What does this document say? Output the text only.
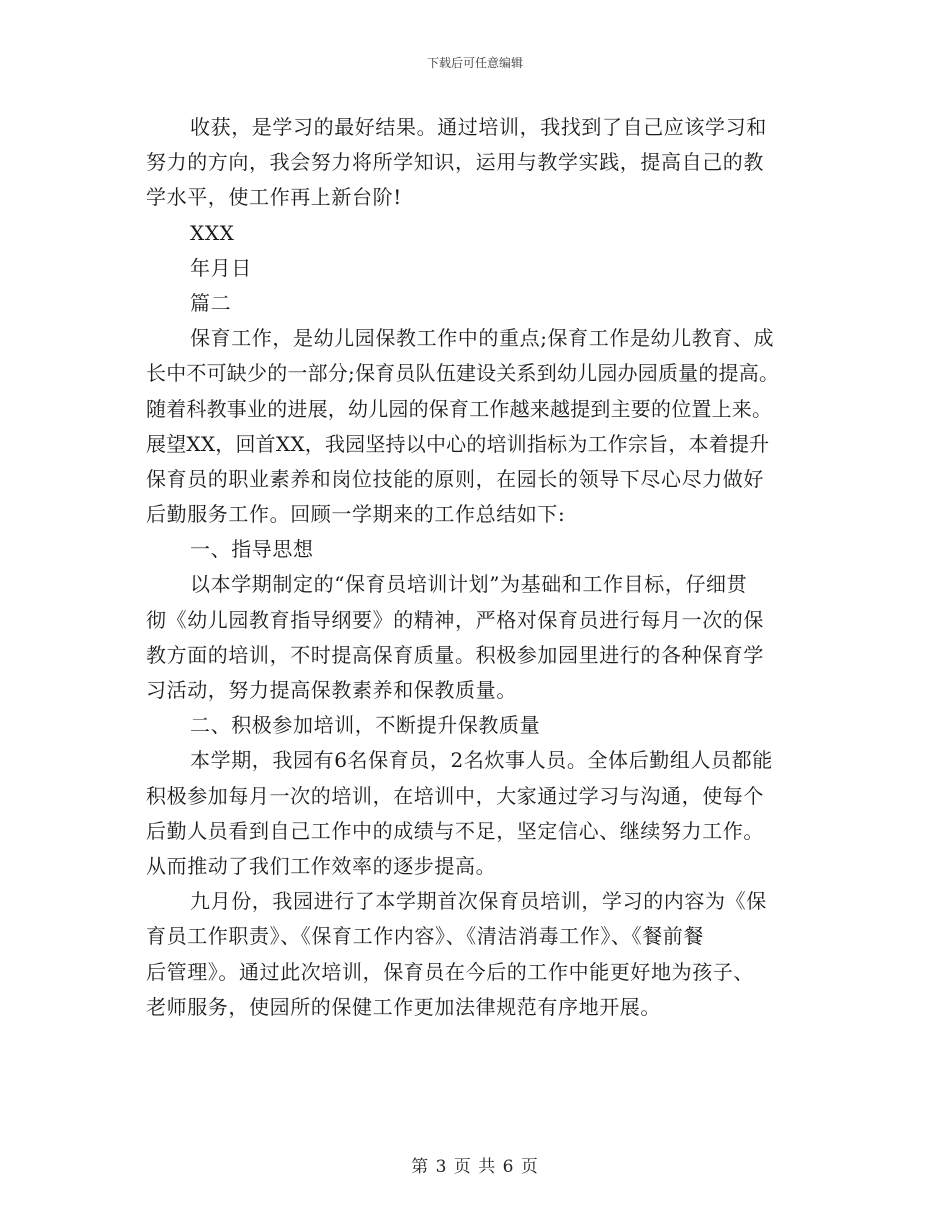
下载后可任意编辑
收获，是学习的最好结果。通过培训，我找到了自己应该学习和
努力的方向，我会努力将所学知识，运用与教学实践，提高自己的教
学水平，使工作再上新台阶!
XXX
年月日
篇二
保育工作，是幼儿园保教工作中的重点;保育工作是幼儿教育、成
长中不可缺少的一部分;保育员队伍建设关系到幼儿园办园质量的提高。
随着科教事业的进展，幼儿园的保育工作越来越提到主要的位置上来。
展望XX，回首XX，我园坚持以中心的培训指标为工作宗旨，本着提升
保育员的职业素养和岗位技能的原则，在园长的领导下尽心尽力做好
后勤服务工作。回顾一学期来的工作总结如下:
一、指导思想
以本学期制定的“保育员培训计划”为基础和工作目标，仔细贯
彻《幼儿园教育指导纲要》的精神，严格对保育员进行每月一次的保
教方面的培训，不时提高保育质量。积极参加园里进行的各种保育学
习活动，努力提高保教素养和保教质量。
二、积极参加培训，不断提升保教质量
本学期，我园有6名保育员，2名炊事人员。全体后勤组人员都能
积极参加每月一次的培训，在培训中，大家通过学习与沟通，使每个
后勤人员看到自己工作中的成绩与不足，坚定信心、继续努力工作。
从而推动了我们工作效率的逐步提高。
九月份，我园进行了本学期首次保育员培训，学习的内容为《保
育员工作职责》、《保育工作内容》、《清洁消毒工作》、《餐前餐
后管理》。通过此次培训，保育员在今后的工作中能更好地为孩子、
老师服务，使园所的保健工作更加法律规范有序地开展。
第 3 页 共 6 页
